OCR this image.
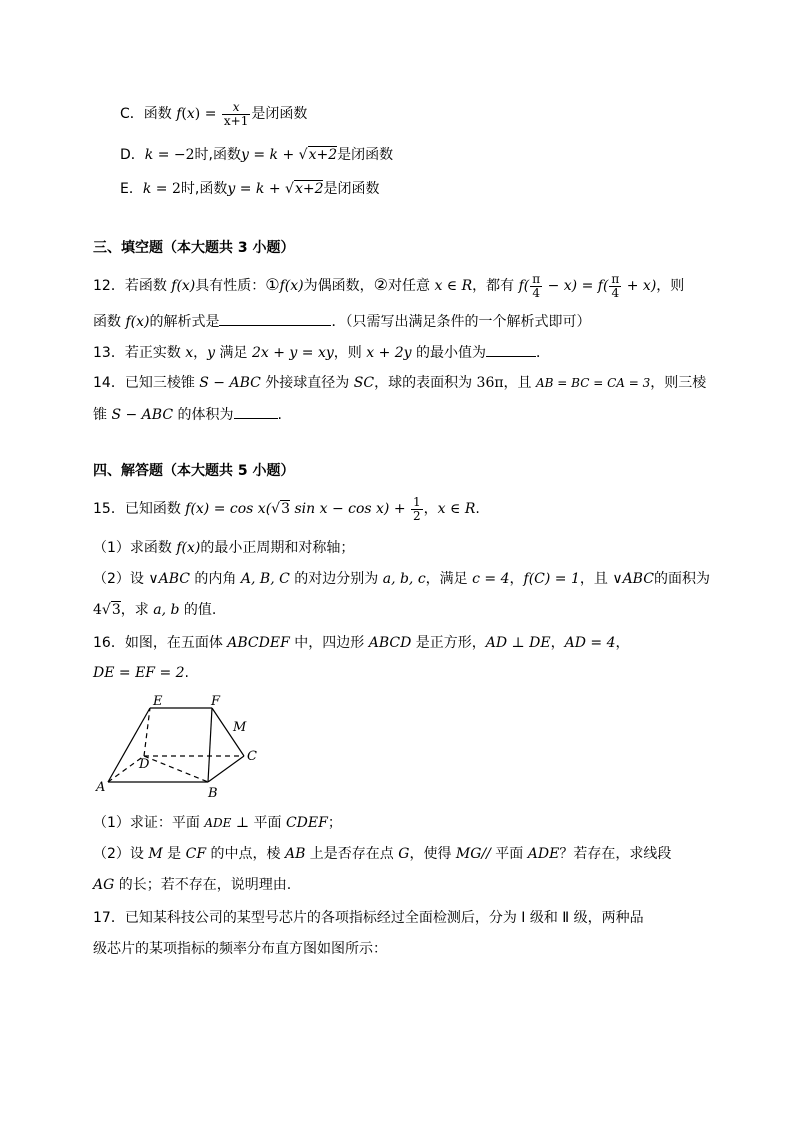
C．函数 $f(x) = \frac{x}{x+1}$ 是闭函数
D．k = −2时,函数y = k + √x+2是闭函数
E．k = 2时,函数y = k + √x+2是闭函数
三、填空题（本大题共 3 小题）
12．若函数 f(x)具有性质：①f(x)为偶函数，②对任意 x ∈ R，都有 $f( \frac{\pi}{4} - x) = f( \frac{\pi}{4} + x)$，则
函数 f(x)的解析式是	．（只需写出满足条件的一个解析式即可）
13．若正实数 x，y 满足 2x + y = xy，则 x + 2y 的最小值为	．
14．已知三棱锥 S − ABC 外接球直径为 SC，球的表面积为 36π，且 AB = BC = CA = 3，则三棱
锥 S − ABC 的体积为	.
四、解答题（本大题共 5 小题）
15．已知函数 f(x) = cos x(√3 $\sin x - \cos x) + \frac{1}{2}$ ，x ∈ R.
（1）求函数 f(x)的最小正周期和对称轴；
（2）设 ∨ABC 的内角 A, B, C 的对边分别为 a, b, c，满足 c = 4，f(C) = 1，且 ∨ABC的面积为
4√3，求 a, b 的值.
16．如图，在五面体 ABCDEF 中，四边形 ABCD 是正方形，AD ⊥ DE，AD = 4，
DE = EF = 2.
E	F
M
C
D
A	B
（1）求证：平面 ADE ⊥ 平面 CDEF；
（2）设 M 是 CF 的中点，棱 AB 上是否存在点 G，使得 MG// 平面 ADE？若存在，求线段
AG 的长；若不存在，说明理由.
17．已知某科技公司的某型号芯片的各项指标经过全面检测后，分为 Ⅰ 级和 Ⅱ 级，两种品
级芯片的某项指标的频率分布直方图如图所示：
